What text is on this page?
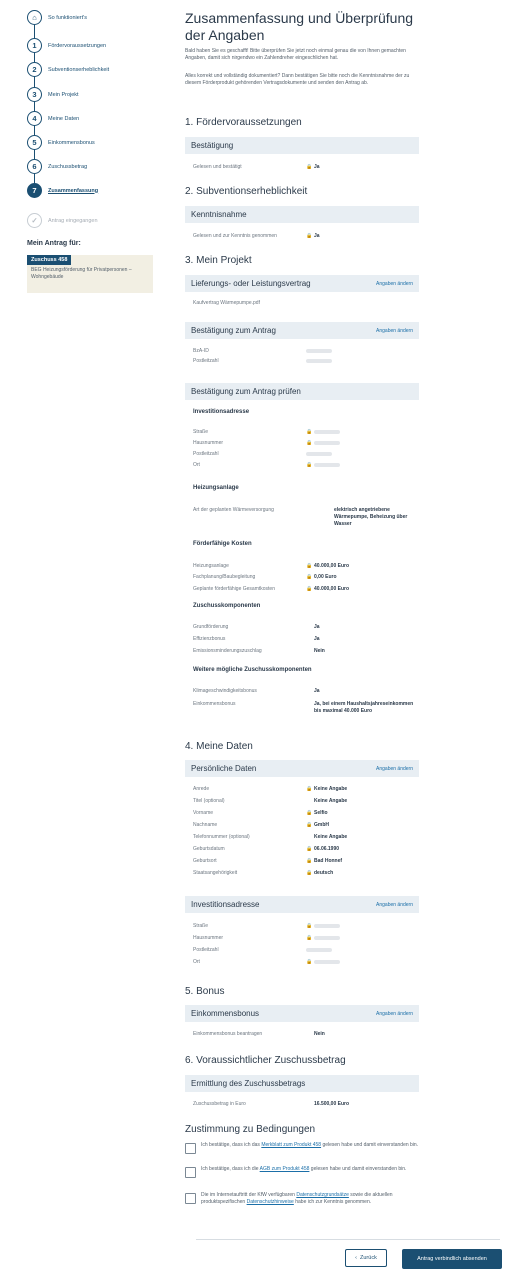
⌂	So funktioniert's
1	Fördervoraussetzungen
2	Subventionserheblichkeit
3	Mein Projekt
4	Meine Daten
5	Einkommensbonus
6	Zuschussbetrag
7	Zusammenfassung
✓	Antrag eingegangen
Mein Antrag für:
Zuschuss 458
BEG Heizungsförderung für Privatpersonen – Wohngebäude
Zusammenfassung und Überprüfung der Angaben
Bald haben Sie es geschafft! Bitte überprüfen Sie jetzt noch einmal genau die von Ihnen gemachten Angaben, damit sich nirgendwo ein Zahlendreher eingeschlichen hat.
Alles korrekt und vollständig dokumentiert? Dann bestätigen Sie bitte noch die Kenntnisnahme der zu diesem Förderprodukt gehörenden Vertragsdokumente und senden den Antrag ab.
1. Fördervoraussetzungen
Bestätigung
Gelesen und bestätigt	🔒 Ja
2. Subventionserheblichkeit
Kenntnisnahme
Gelesen und zur Kenntnis genommen	🔒 Ja
3. Mein Projekt
Lieferungs- oder Leistungsvertrag	Angaben ändern
Kaufvertrag Wärmepumpe.pdf
Bestätigung zum Antrag	Angaben ändern
BzA-ID
Postleitzahl
Bestätigung zum Antrag prüfen
Investitionsadresse
Straße	🔒
Hausnummer	🔒
Postleitzahl
Ort	🔒
Heizungsanlage
Art der geplanten Wärmeversorgung	elektrisch angetriebene Wärmepumpe, Beheizung über Wasser
Förderfähige Kosten
Heizungsanlage	🔒 40.000,00 Euro
Fachplanung/Baubegleitung	🔒 0,00 Euro
Geplante förderfähige Gesamtkosten	🔒 40.000,00 Euro
Zuschusskomponenten
Grundförderung	Ja
Effizienzbonus	Ja
Emissionsminderungszuschlag	Nein
Weitere mögliche Zuschusskomponenten
Klimageschwindigkeitsbonus	Ja
Einkommensbonus	Ja, bei einem Haushaltsjahreseinkommen bis maximal 40.000 Euro
4. Meine Daten
Persönliche Daten	Angaben ändern
Anrede	🔒 Keine Angabe
Titel (optional)	Keine Angabe
Vorname	🔒 Selfio
Nachname	🔒 GmbH
Telefonnummer (optional)	Keine Angabe
Geburtsdatum	🔒 06.06.1990
Geburtsort	🔒 Bad Honnef
Staatsangehörigkeit	🔒 deutsch
Investitionsadresse	Angaben ändern
Straße	🔒
Hausnummer	🔒
Postleitzahl
Ort	🔒
5. Bonus
Einkommensbonus	Angaben ändern
Einkommensbonus beantragen	Nein
6. Voraussichtlicher Zuschussbetrag
Ermittlung des Zuschussbetrags
Zuschussbetrag in Euro	16.500,00 Euro
Zustimmung zu Bedingungen
Ich bestätige, dass ich das Merkblatt zum Produkt 458 gelesen habe und damit einverstanden bin.
Ich bestätige, dass ich die AGB zum Produkt 458 gelesen habe und damit einverstanden bin.
Die im Internetauftritt der KfW verfügbaren Datenschutzgrundsätze sowie die aktuellen produktspezifischen Datenschutzhinweise habe ich zur Kenntnis genommen.
‹ Zurück	Antrag verbindlich absenden
